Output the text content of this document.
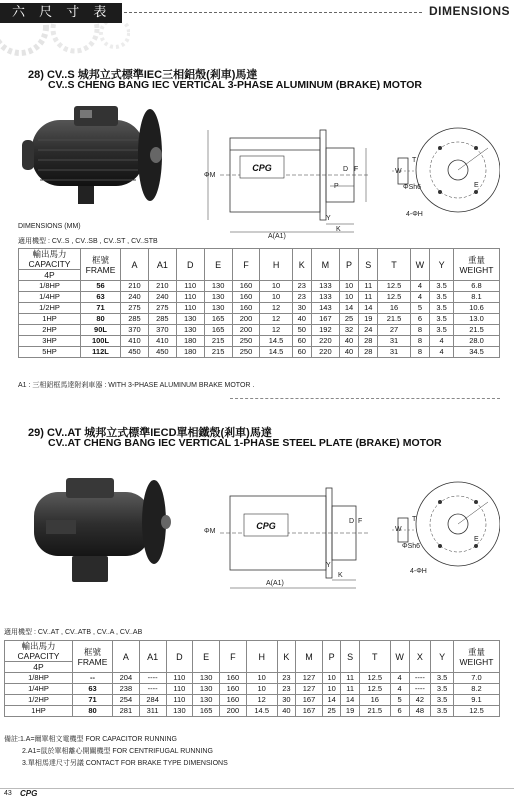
六 尺 寸 表	DIMENSIONS
28) CV..S 城邦立式標準IEC三相鋁殼(剎車)馬達
CV..S CHENG BANG IEC VERTICAL 3-PHASE ALUMINUM (BRAKE) MOTOR
CPG
ΦM
F
D
P
T
W
ΦSh6
Y
K
A(A1)
E
4-ΦH
DIMENSIONS (MM)
適用機型 : CV..S , CV..SB , CV..ST , CV..STB
輸出馬力
CAPACITY	框號
FRAME	A	A1	D	E	F	H	K	M	P	S	T	W	Y	重量
WEIGHT
4P															
1/8HP	56	210	210	110	130	160	10	23	133	10	11	12.5	4	3.5	6.8
1/4HP	63	240	240	110	130	160	10	23	133	10	11	12.5	4	3.5	8.1
1/2HP	71	275	275	110	130	160	12	30	143	14	14	16	5	3.5	10.6
1HP	80	285	285	130	165	200	12	40	167	25	19	21.5	6	3.5	13.0
2HP	90L	370	370	130	165	200	12	50	192	32	24	27	8	3.5	21.5
3HP	100L	410	410	180	215	250	14.5	60	220	40	28	31	8	4	28.0
5HP	112L	450	450	180	215	250	14.5	60	220	40	28	31	8	4	34.5
A1 : 三相鋁框馬達附剎車器 : WITH 3-PHASE ALUMINUM BRAKE MOTOR .
29) CV..AT 城邦立式標準IECD單相鐵殼(剎車)馬達
CV..AT CHENG BANG IEC VERTICAL 1-PHASE STEEL PLATE (BRAKE) MOTOR
CPG
ΦM
F
D	T
W
ΦSh6
Y
K
A(A1)
E
4-ΦH
適用機型 : CV..AT , CV..ATB , CV..A , CV..AB
輸出馬力
CAPACITY	框號
FRAME	A	A1	D	E	F	H	K	M	P	S	T	W	X	Y	重量
WEIGHT
4P																
1/8HP	--	204	----	110	130	160	10	23	127	10	11	12.5	4	----	3.5	7.0
1/4HP	63	238	----	110	130	160	10	23	127	10	11	12.5	4	----	3.5	8.2
1/2HP	71	254	284	110	130	160	12	30	167	14	14	16	5	42	3.5	9.1
1HP	80	281	311	130	165	200	14.5	40	167	25	19	21.5	6	48	3.5	12.5
備註:1.A=爾單相文電機型 FOR CAPACITOR RUNNING
2.A1=鼠於單相離心開關機型 FOR CENTRIFUGAL RUNNING
3.單相馬達尺寸另議 CONTACT FOR BRAKE TYPE DIMENSIONS
43 CPG
